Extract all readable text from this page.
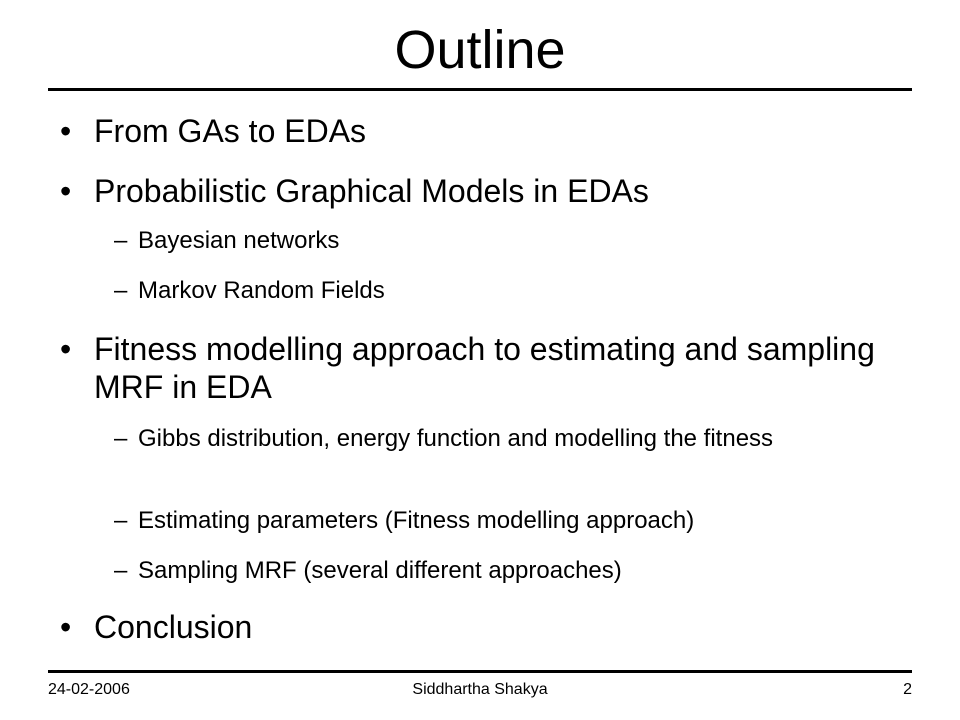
Outline
• From GAs to EDAs
• Probabilistic Graphical Models in EDAs
– Bayesian networks
– Markov Random Fields
• Fitness modelling approach to estimating and sampling MRF in EDA
– Gibbs distribution, energy function and modelling the fitness
– Estimating parameters (Fitness modelling approach)
– Sampling MRF (several different approaches)
• Conclusion
24-02-2006	Siddhartha Shakya	2
